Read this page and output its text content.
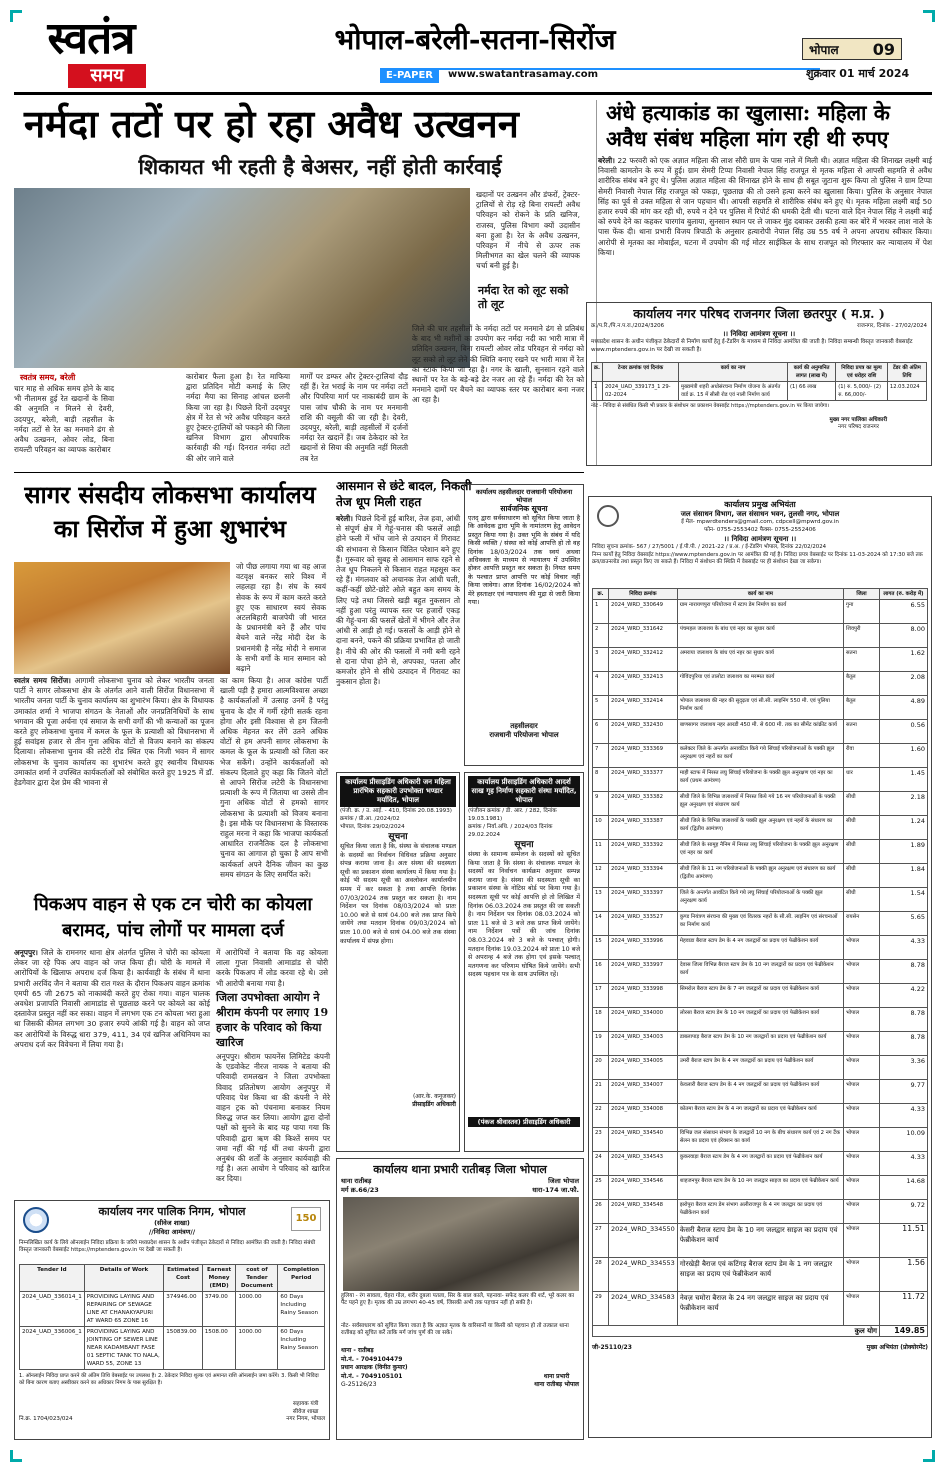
स्वतंत्र
समय
भोपाल-बरेली-सतना-सिरोंज
E-PAPER	www.swatantrasamay.com
भोपाल 09
शुक्रवार 01 मार्च 2024
नर्मदा तटों पर हो रहा अवैध उत्खनन
शिकायत भी रहती है बेअसर, नहीं होती कार्रवाई
स्वतंत्र समय, बरेली
चार माह से अधिक समय होने के बाद भी नीलामस हुई रेत खदानों के सिवा की अनुमति न मिलने से देवरी, उदयपुर, बरेली, बाड़ी तहसील के नर्मदा तटों से रेत का मनमाने ढंग से अवैध उत्खनन, ओवर लोड, बिना रायल्टी परिवहन का व्यापक कारोबार
कारोबार फैला हुआ है। रेत माफिया द्वारा प्रतिदिन मोटी कमाई के लिए नर्मदा मैया का सिनाह आंचल छलनी किया जा रहा है। पिछले दिनों उदयपुर क्षेत्र में रेत से भरे अवैध परिवहन करते हुए ट्रेक्टर-ट्रालियों को पकड़ने की जिला खनिज विभाग द्वारा औपचारिक कार्रवाही की गई। दिनरात नर्मदा तटों की ओर जाने वाले
मार्गों पर डम्फर और ट्रेक्टर-ट्रालियां दौड़ रहीं हैं। रेत भराई के नाम पर नर्मदा तटों और पिपरिया मार्ग पर नाकाबंदी ग्राम के पास जांच चौकी के नाम पर मनमानी राशि की वसूली की जा रही है। देवरी, उदयपुर, बरेली, बाड़ी तहसीलों में दर्जनों नर्मदा रेत खदानें हैं। जब ठेकेदार को रेत खदानों से सिया की अनुमति नहीं मिलती तब रेत
खदानों पर उत्खनन और डंफरों, ट्रेक्टर-ट्रालियों से रोड़ रहे बिना रायल्टी अवैध परिवहन को रोकने के प्रति खनिज, राजस्व, पुलिस विभाग क्यों उदासीन बना हुआ है। रेत के अवैध उत्खनन, परिवहन में नीचे से ऊपर तक मिलीभगत का खेल चलने की व्यापक चर्चा बनी हुई है।
नर्मदा रेत को लूट सको तो लूट
जिले की चार तहसीलों के नर्मदा तटों पर मनमाने ढंग से प्रतिबंध के बाद भी मशीनों का उपयोग कर नर्मदा नदी का भारी मात्रा में प्रतिदिन उत्खनन, बिना रायल्टी ओवर लोड परिवहन से नर्मदा को लूट सको तो लूट लेने की स्थिति बनाए रखने पर भारी मात्रा में रेत का स्टाक किया जा रहा है। नगर के खाली, सुनसान रहने वाले स्थानों पर रेत के बड़े-बड़े ढेर नजर आ रहे हैं। नर्मदा की रेत को मनमाने दामों पर बैचने का व्यापक स्तर पर कारोबार बना नजर आ रहा है।
अंधे हत्याकांड का खुलासा: महिला के अवैध संबंध महिला मांग रही थी रुपए
बरेली। 22 फरवरी को एक अज्ञात महिला की लाश सौरी ग्राम के पास नाले में मिली थी। अज्ञात महिला की शिनाख्त लक्ष्मी बाई निवासी कामतोन के रूप में हुई। ग्राम सेमरी टिप्पा निवासी नेपाल सिंह राजपूत से मृतक महिला से आपसी सहमति से अवैध शारीरिक संबंध बने हुए थे। पुलिस अज्ञात महिला की शिनाख्त होने के साथ ही सबूत जुटाना शुरू किया तो पुलिस ने ग्राम टिप्पा सेमरी निवासी नेपाल सिंह राजपूत को पकड़ा, पूछताछ की तो उसने हत्या करने का खुलासा किया। पुलिस के अनुसार नेपाल सिंह का पूर्व से उक्त महिला से जान पहचान थी। आपसी सहमति से शारीरिक संबंध बने हुए थे। मृतक महिला लक्ष्मी बाई 50 हजार रुपये की मांग कर रही थी, रुपये न देने पर पुलिस में रिपोर्ट की धमकी देती थी। घटना वाले दिन नेपाल सिंह ने लक्ष्मी बाई को रुपये देने का कहकर चारगांव बुलाया, सुनसान स्थान पर ले जाकर मुंह दबाकर उसकी हत्या कर बोरे में भरकर लाश नाले के पास फेंक दी। थाना प्रभारी विजय त्रिपाठी के अनुसार हत्यारोपी नेपाल सिंह उम्र 55 वर्ष ने अपना अपराध स्वीकार किया। आरोपी से मृतका का मोबाईल, घटना में उपयोग की गई मोटर साईकिल के साथ राजपूत को गिरफ्तार कर न्यायालय में पेश किया।
कार्यालय नगर परिषद राजनगर जिला छतरपुर ( म.प्र. )
क्र./प.रि./पि.न.प.रा./2024/3206	राजनगर, दिनांक - 27/02/2024
।। निविदा आमंत्रण सूचना ।।
मध्यप्रदेश शासन के अधीन पंजीकृत ठेकेदारों से निर्माण कार्यों हेतु ई-टेंडरिंग के माध्यम से निविदा आमंत्रित की जाती है। निविदा सम्बन्धी विस्तृत जानकारी वेबसाईट www.mptenders.gov.in पर देखी जा सकती है।
क्र.	टेन्डर क्रमांक एवं दिनांक	कार्य का नाम	कार्य की अनुमानित लागत (लाख में)	निविदा प्रपत्र का मूल्य एवं धरोहर राशि	टेंडर की अंतिम तिथि
1	2024_UAD_339173_1 29-02-2024	मुख्यमंत्री शहरी अधोसंरचना निर्माण योजना के अंतर्गत वार्ड क्र. 15 में सीसी रोड एवं नाली निर्माण कार्य	(1) 66 लाख	(1) रु. 5,000/- (2) रु. 66,000/-	12.03.2024
नोट - निविदा से संबंधित किसी भी प्रकार के संशोधन का प्रकाशन वेबसाईट https://mptenders.gov.in पर किया जायेगा।
मुख्य नगर पालिका अधिकारी
नगर परिषद राजनगर
सागर संसदीय लोकसभा कार्यालय का सिरोंज में हुआ शुभारंभ
जो पीछ लगाया गया था वह आज वटवृक्ष बनकर सारे विश्व में लहलहा रहा है। संघ के स्वयं सेवक के रूप में काम करते करते हुए एक साधारण स्वयं सेवक अटलबिहारी बाजपेयी जी भारत के प्रधानमंत्री बने हैं और पांच बेचने वाले नरेंद्र मोदी देश के प्रधानमंत्री है नरेंद्र मोदी ने समाज के सभी वर्गों के मान सम्मान को बढ़ाने
स्वतंत्र समय सिरोंज। आगामी लोकसभा चुनाव को लेकर भारतीय जनता पार्टी ने सागर लोकसभा क्षेत्र के अंतर्गत आने वाली सिरोंज विधानसभा में भारतीय जनता पार्टी के चुनाव कार्यालय का शुभारंभ किया। क्षेत्र के विधायक उमाकांत शर्मा ने भाजपा संगठन के नेताओं और जनप्रतिनिधियों के साथ भगवान की पूजा अर्चना एवं समाज के सभी वर्गों की भी कन्याओं का पूजन करते हुए लोकसभा चुनाव में कमल के फूल के प्रत्याशी को विधानसभा में हुई सवांइस हजार से तीन गुना अधिक वोटों से विजय बनाने का संकल्प दिलाया। लोकसभा चुनाव की लटेरी रोड स्थित एक निजी भवन में सागर लोकसभा के चुनाव कार्यालय का शुभारंभ करते हुए स्थानीय विधायक उमाकांत शर्मा ने उपस्थित कार्यकर्ताओं को संबोधित करते हुए 1925 में डॉ. हेडगेवार द्वारा देश प्रेम की भावना से
का काम किया है। आज कांग्रेस पार्टी खाली पड़ी है हमारा आत्मविश्वास अच्छा है कार्यकर्ताओं में उत्साह उनमें है परंतु चुनाव के दौर में गर्मी रहेगी सतर्क रहना होगा और इसी विश्वास से हम जितनी अधिक मेहनत कर लेंगे उतने अधिक वोटों से हम अपनी सागर लोकसभा के कमल के फूल के प्रत्याशी को जिता कर भेज सकेंगे। उन्होंने कार्यकर्ताओं को संकल्प दिलाते हुए कहा कि जितने वोटों से आपने सिरोंज लटेरी के विधानसभा प्रत्याशी के रूप में जिताया था उससे तीन गुना अधिक वोटों से हमको सागर लोकसभा के प्रत्याशी को विजय बनाना है। इस मौके पर विधानसभा के विस्तारक राहुल मरना ने कहा कि भाजपा कार्यकर्ता आधारित राजनैतिक दल है लोकसभा चुनाव का आगाज हो चुका है आप सभी कार्यकर्ता अपने दैनिक जीवन का कुछ समय संगठन के लिए समर्पित करें।
आसमान से छंटे बादल, निकली तेज धूप मिली राहत
बरेली। पिछले दिनों हुई बारिश, तेज हवा, आंधी से संपूर्ण क्षेत्र में गेहूं-चनास की फसलें आड़ी होने फली में भोंच जाने से उत्पादन में गिरावट की संभावना से किसान चिंतित परेशान बने हुए हैं। गुरूवार को सुबह से आसमान साफ रहने से तेज धूप निकलने से किसान राहत महसूस कर रहे हैं। मंगलवार को अचानक तेज आंधी चली, कहीं-कहीं छोटे-छोटे ओले बहुत कम समय के लिए पड़े तथा जिससे खड़ी बहुत नुकसान तो नहीं हुआ परंतु व्यापक स्तर पर हजारों एकड़ की गेहूं-चना की फसलें खेतों में भीगने और तेज आंधी से आड़ी हो गई। फसलों के आड़ी होने से दाना बनने, पकने की प्रक्रिया प्रभावित हो जाती है। नीचे की ओर की फसलों में नमी बनी रहने से दाना पोचा होने से, अपपका, पतला और कमजोर होने से सीधे उत्पादन में गिरावट का नुकसान होता है।
कार्यालय तहसीलदार राजधानी परियोजना भोपाल
सार्वजनिक सूचना
एतद् द्वारा सर्वसाधारण को सूचित किया जाता है कि आवेदक द्वारा भूमि के नामांतरण हेतु आवेदन प्रस्तुत किया गया है। उक्त भूमि के संबंध में यदि किसी व्यक्ति / संस्था को कोई आपत्ति हो तो वह दिनांक 18/03/2024 तक स्वयं अथवा अधिवक्ता के माध्यम से न्यायालय में उपस्थित होकर आपत्ति प्रस्तुत कर सकता है। नियत समय के पश्चात प्राप्त आपत्ति पर कोई विचार नहीं किया जावेगा। आज दिनांक 16/02/2024 को मेरे हस्ताक्षर एवं न्यायालय की मुद्रा से जारी किया गया।
तहसीलदार
राजधानी परियोजना भोपाल
कार्यालय प्रीसाइडिंग अधिकारी जन महिला प्रारंभिक सहकारी उपभोक्ता भण्डार मर्यादित, भोपाल
(पंजी. क्र. / उ. आई. - 410, दिनांक 20.08.1993)
क्रमांक / प्री.आ. /2024/02
भोपाल, दिनांक 29/02/2024
सूचना
सूचित किया जाता है कि, संस्था के संचालक मण्डल के सदस्यों का निर्वाचन विधिवत प्रक्रिया अनुसार संपन्न कराया जाना है। अतः संस्था की सदस्यता सूची का प्रकाशन संस्था कार्यालय में किया गया है। कोई भी सदस्य सूची का अवलोकन कार्यालयीन समय में कर सकता है तथा आपत्ति दिनांक 07/03/2024 तक प्रस्तुत कर सकता है। नाम निर्देशन पत्र दिनांक 08/03/2024 को प्रातः 10.00 बजे से सायं 04.00 बजे तक प्राप्त किये जायेंगे तथा मतदान दिनांक 09/03/2024 को प्रातः 10.00 बजे से सायं 04.00 बजे तक संस्था कार्यालय में संपन्न होगा।
(आर.के. कनूजकर)
प्रीसाइडिंग अधिकारी
कार्यालय प्रीसाइडिंग अधिकारी आदर्श साख गृह निर्माण सहकारी संस्था मर्यादित, भोपाल
(पंजीयन क्रमांक / डी. आर. / 282, दिनांक 19.03.1981)
क्रमांक / निर्वा.अधि. / 2024/03 दिनांक 29.02.2024
सूचना
संस्था के सामान्य सम्मेलन के सदस्यों को सूचित किया जाता है कि संस्था के संचालक मण्डल के सदस्यों का निर्वाचन कार्यक्रम अनुसार सम्पन्न कराया जाना है। संस्था की सदस्यता सूची का प्रकाशन संस्था के नोटिस बोर्ड पर किया गया है। सदस्यता सूची पर कोई आपत्ति हो तो लिखित में दिनांक 06.03.2024 तक प्रस्तुत की जा सकती है। नाम निर्देशन पत्र दिनांक 08.03.2024 को प्रातः 11 बजे से 3 बजे तक प्राप्त किये जायेंगे। नाम निर्देशन पत्रों की जांच दिनांक 08.03.2024 को 3 बजे के पश्चात् होगी। मतदान दिनांक 19.03.2024 को प्रातः 10 बजे से अपरान्ह 4 बजे तक होगा एवं इसके पश्चात् मतगणना कर परिणाम घोषित किये जायेंगे। सभी सदस्य पहचान पत्र के साथ उपस्थित रहें।
(पंकज श्रीवास्तव) प्रीसाइडिंग अधिकारी
पिकअप वाहन से एक टन चोरी का कोयला बरामद, पांच लोगों पर मामला दर्ज
अनूपपुर। जिले के रामनगर थाना क्षेत्र अंतर्गत पुलिस ने चोरी का कोयला लेकर जा रहे पिक अप वाहन को जप्त किया ही। चोरी के मामले में आरोपियों के खिलाफ अपराध दर्ज किया है। कार्यवाही के संबंध में थाना प्रभारी अरविंद जैन ने बताया की रात गश्त के दौरान पिकअप वाहन क्रमांक एमपी 65 जी 2675 को नाकाबंदी करते हुए रोका गया। वाहन चालक अवधेश प्रजापति निवासी आमाडांड से पूछताछ करने पर कोयले का कोई दस्तावेज प्रस्तुत नहीं कर सका। वाहन में लगभग एक टन कोयला भरा हुआ था जिसकी कीमत लगभग 30 हजार रुपये आंकी गई है। वाहन को जप्त कर आरोपियों के विरुद्ध धारा 379, 411, 34 एवं खनिज अधिनियम का अपराध दर्ज कर विवेचना में लिया गया है।
में आरोपियों ने बताया कि वह कोयला लाला गुप्ता निवासी आमाडांड से चोरी करके पिकअप में लोड करवा रहे थे। उसे भी आरोपी बनाया गया है।
जिला उपभोक्ता आयोग ने श्रीराम कंपनी पर लगाए 19 हजार के परिवाद को किया खारिज
अनूपपुर। श्रीराम फायनेंस लिमिटेड कंपनी के एडवोकेट नीरज नायक ने बताया की परिवादी रामलखन ने जिला उपभोक्ता विवाद प्रतितोषण आयोग अनूपपुर में परिवाद पेश किया था की कंपनी ने मेरे वाहन ट्रक को पंचनामा बनाकर नियम विरुद्ध जप्त कर लिया। आयोग द्वारा दोनों पक्षों को सुनने के बाद यह पाया गया कि परिवादी द्वारा ऋण की किश्तें समय पर जमा नहीं की गई थीं तथा कंपनी द्वारा अनुबंध की शर्तों के अनुसार कार्यवाही की गई है। अतः आयोग ने परिवाद को खारिज कर दिया।
150
कार्यालय नगर पालिक निगम, भोपाल
(सीवेज शाखा)
//निविदा आमंत्रण//
निम्नलिखित कार्य के लिये ऑनलाईन निविदा प्रक्रिया के जरिये मध्यप्रदेश शासन के अधीन पंजीकृत ठेकेदारों से निविदा आमंत्रित की जाती है। निविदा संबंधी विस्तृत जानकारी वेबसाईट https://mptenders.gov.in पर देखी जा सकती है।
Tender Id	Details of Work	Estimated Cost	Earnest Money (EMD)	cost of Tender Document	Completion Period
2024_UAD_336014_1	PROVIDING LAYING AND REPAIRING OF SEWAGE LINE AT CHANAKYAPURI AT WARD 65 ZONE 16	374946.00	3749.00	1000.00	60 Days Including Rainy Season
2024_UAD_336006_1	PROVIDING LAYING AND JOINTING OF SEWER LINE NEAR KADAMBANT FASE 01 SEPTIC TANK TO NALA, WARD 55, ZONE 13	150839.00	1508.00	1000.00	60 Days Including Rainy Season
1. ऑनलाईन निविदा प्राप्त करने की अंतिम तिथि वेबसाईट पर उपलब्ध है। 2. ठेकेदार निविदा शुल्क एवं अमानत राशि ऑनलाईन जमा करेंगे। 3. किसी भी निविदा को बिना कारण बताए अस्वीकार करने का अधिकार निगम के पास सुरक्षित है।
नि.क्र. 1704/023/024
सहायक यंत्री
सीवेज शाखा
नगर निगम, भोपाल
कार्यालय थाना प्रभारी रातीबड़ जिला भोपाल
थाना रातीबड़
मर्ग क्र.66/23
जिला भोपाल
धारा-174 जा.फौ.
हुलिया - रंग सावला, चेहरा गोल, शरीर दुबला पतला, सिर के बाल काले, पहनावा- सफेद कलर की शर्ट, भूरे कलर का पैंट पहने हुए है। मृतक की उम्र लगभग 40-45 वर्ष, जिसकी अभी तक पहचान नहीं हो सकी है।
नोट- सर्वसाधारण को सूचित किया जाता है कि अज्ञात मृतक के वारिसानों या किसी को पहचान हो तो तत्काल थाना रातीबड़ को सूचित करें ताकि मर्ग जांच पूर्ण की जा सके।
थाना - रातीबड़
मो.नं. - 7049104479
प्रधान आरक्षक (विनीत कुमार)
मो.नं. - 7049105101
G-25126/23
थाना प्रभारी
थाना रातीबड़ भोपाल
कार्यालय प्रमुख अभियंता
जल संसाधन विभाग, जल संसाधन भवन, तुलसी नगर, भोपाल
ई मेल- mpwrdtenders@gmail.com, cdpcell@mpwrd.gov.in
फोन- 0755-2553402 फैक्स- 0755-2552406
।। निविदा आमंत्रण सूचना ।।
निविदा सूचना क्रमांक- 567 / 27/5001 / ई.पी.पी. / 2021-22 / प्र.अ. / ई-टेंडरिंग भोपाल, दिनांक 22/02/2024
निम्न कार्यों हेतु निविदा वेबसाईट https://www.mptenders.gov.in पर आमंत्रित की गई है। निविदा प्रपत्र वेबसाईट पर दिनांक 11-03-2024 को 17:30 बजे तक क्रय/डाउनलोड तथा प्रस्तुत किए जा सकते हैं। निविदा में संशोधन की स्थिति में वेबसाईट पर ही संशोधन देखा जा सकेगा।
क्र.	निविदा क्रमांक	कार्य का नाम	जिला	लागत (रु. करोड़ में)
1	2024_WRD_330649	ग्राम नारायणपुरा परियोजना में स्टाप डेम निर्माण का कार्य	गुना	6.55
2	2024_WRD_331642	पंचमहल जलाशय के बांध एवं नहर का सुधार कार्य	शिवपुरी	8.00
3	2024_WRD_332412	अमराया जलाशय के बांध एवं नहर का सुधार कार्य	सतना	1.62
4	2024_WRD_332413	गोविंदपुरिया एवं तालोटा जलाशय का मरम्मत कार्य	बैतूल	2.08
5	2024_WRD_332414	भोपाल जलाशय की नहर की सुदृढ़ता एवं सी.सी. लाइनिंग 550 मी. एवं पुलिया निर्माण कार्य	बैतूल	4.89
6	2024_WRD_332430	बाणसागर जलाशय नहर आरडी 450 मी. से 600 मी. तक का सीमेंट कांक्रीट कार्य	सतना	0.56
7	2024_WRD_333369	कलेक्टर जिले के अन्तर्गत अनावंटित किये गये सिंचाई परियोजनाओं के पक्की झूल अनुरक्षण एवं नहरों का कार्य	रीवा	1.60
8	2024_WRD_333377	माही स्टाफ में निरस्त लघु सिंचाई परियोजना के पक्की झूल अनुरक्षण एवं नहर का कार्य (प्रथम आमंत्रण)	धार	1.45
9	2024_WRD_333382	सीधी जिले के विभिन्न जलाशयों में निरस्त किये गये 16 नग परियोजनाओं के पक्की झूल अनुरक्षण एवं संधारण कार्य	सीधी	2.18
10	2024_WRD_333387	सीधी जिले के विभिन्न जलाशयों के पक्की झूल अनुरक्षण एवं नहरों के संधारण का कार्य (द्वितीय आमंत्रण)	सीधी	1.24
11	2024_WRD_333392	सीधी जिले के सामूह नैनिम में निरस्त लघु सिंचाई परियोजना के पक्की झूल अनुरक्षण एवं नहर का कार्य	सीधी	1.89
12	2024_WRD_333394	सीधी जिले के 11 नग परियोजनाओं के पक्की झूल अनुरक्षण एवं संधारण का कार्य (द्वितीय आमंत्रण)	सीधी	1.84
13	2024_WRD_333397	जिले के अन्तर्गत आवंटित किये गये लघु सिंचाई परियोजनाओं के पक्की झूल अनुरक्षण कार्य	सीधी	1.54
14	2024_WRD_333527	कुण्ड नियंत्रण संरचना की मुख्य एवं वितरक नहरों के सी.सी. लाइनिंग एवं संरचनाओं का निर्माण कार्य	रायसेन	5.65
15	2024_WRD_333996	मेहवाडा बैराज स्टाप डेम के 4 नग जलद्वारों का प्रदाय एवं फेब्रीकेशन कार्य	भोपाल	4.33
16	2024_WRD_333997	देवास जिला विभिन्न बैराज स्टाप डेम के 10 नग जलद्वारों का प्रदाय एवं फेब्रीकेशन कार्य	भोपाल	8.78
17	2024_WRD_333998	सिमरोल बैराज स्टाप डेम के 7 नग जलद्वारों का प्रदाय एवं फेब्रीकेशन कार्य	भोपाल	4.22
18	2024_WRD_334000	लोरसा बैराज स्टाप डेम के 10 नग जलद्वारों का प्रदाय एवं फेब्रीकेशन कार्य	भोपाल	8.78
19	2024_WRD_334003	डाबलापाड़ बैराज स्टाप डेम के 10 नग जलद्वारों का प्रदाय एवं फेब्रीकेशन कार्य	भोपाल	8.78
20	2024_WRD_334005	उमरी बैराज स्टाप डेम के 4 नग जलद्वारों का प्रदाय एवं फेब्रीकेशन कार्य	भोपाल	3.36
21	2024_WRD_334007	केवलारी बैराज स्टाप डेम के 4 नग जलद्वारों का प्रदाय एवं फेब्रीकेशन कार्य	भोपाल	9.77
22	2024_WRD_334008	कोतमा बैराज स्टाप डेम के 4 नग जलद्वारों का प्रदाय एवं फेब्रीकेशन कार्य	भोपाल	4.33
23	2024_WRD_334540	विभिन्न जल संसाधन संभाग के जलद्वारों 10 नग के बीच संधारण कार्य एवं 2 नग टैंक सेलन का प्रदाय एवं इंरेक्शन का कार्य	भोपाल	10.09
24	2024_WRD_334543	कुकरवाड़ा बैराज स्टाप डेम के 4 नग जलद्वारों का प्रदाय एवं फेब्रीकेशन कार्य	भोपाल	4.33
25	2024_WRD_334546	शाहजनपुर बैराज स्टाप डेम के 10 नग जलद्वार साइज का प्रदाय एवं फेब्रीकेशन कार्य	भोपाल	14.68
26	2024_WRD_334548	झरोपुरा बैराज स्टाप डेम संभाग अलीराजपुर के 4 नग जलद्वार का प्रदाय एवं फेब्रीकेशन कार्य	भोपाल	9.72
27	2024_WRD_334550	केसरी बैराज स्टाप डेम के 10 नग जलद्वार साइज का प्रदाय एवं फेब्रीकेशन कार्य	भोपाल	11.51
28	2024_WRD_334553	गोरखेड़ी बैराज एवं कटिंगड़ बैराज स्टाप डेम के 1 नग जलद्वार साइज का प्रदाय एवं फेब्रीकेशन कार्य	भोपाल	1.56
29	2024_WRD_334583	नेवज़ चमोरा बैराज के 24 नग जलद्वार साइज का प्रदाय एवं फेब्रीकेशन कार्य	भोपाल	11.72
कुल योग				149.85
जी-25110/23	मुख्य अभियंता (प्रोक्योरमेंट)
